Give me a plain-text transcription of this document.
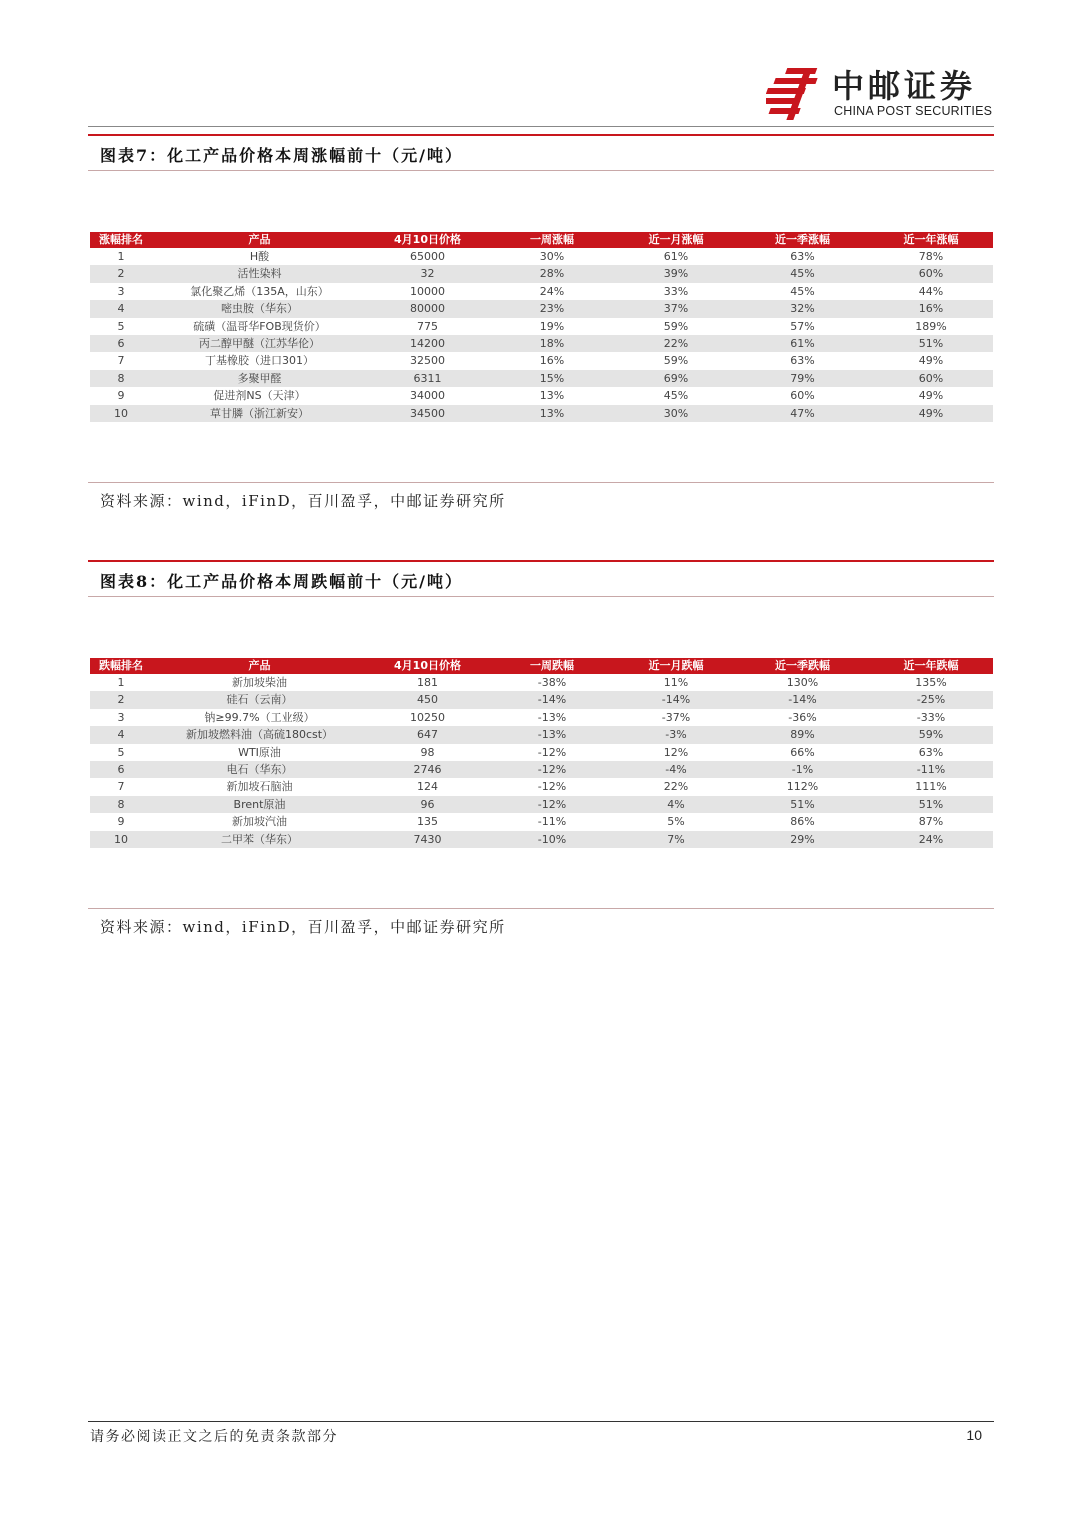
中邮证券
CHINA POST SECURITIES
图表7：化工产品价格本周涨幅前十（元/吨）
涨幅排名	产品	4月10日价格	一周涨幅	近一月涨幅	近一季涨幅	近一年涨幅
1	H酸	65000	30%	61%	63%	78%
2	活性染料	32	28%	39%	45%	60%
3	氯化聚乙烯（135A，山东）	10000	24%	33%	45%	44%
4	嘧虫胺（华东）	80000	23%	37%	32%	16%
5	硫磺（温哥华FOB现货价）	775	19%	59%	57%	189%
6	丙二醇甲醚（江苏华伦）	14200	18%	22%	61%	51%
7	丁基橡胶（进口301）	32500	16%	59%	63%	49%
8	多聚甲醛	6311	15%	69%	79%	60%
9	促进剂NS（天津）	34000	13%	45%	60%	49%
10	草甘膦（浙江新安）	34500	13%	30%	47%	49%
资料来源：wind，iFinD，百川盈孚，中邮证券研究所
图表8：化工产品价格本周跌幅前十（元/吨）
跌幅排名	产品	4月10日价格	一周跌幅	近一月跌幅	近一季跌幅	近一年跌幅
1	新加坡柴油	181	-38%	11%	130%	135%
2	硅石（云南）	450	-14%	-14%	-14%	-25%
3	钠≥99.7%（工业级）	10250	-13%	-37%	-36%	-33%
4	新加坡燃料油（高硫180cst）	647	-13%	-3%	89%	59%
5	WTI原油	98	-12%	12%	66%	63%
6	电石（华东）	2746	-12%	-4%	-1%	-11%
7	新加坡石脑油	124	-12%	22%	112%	111%
8	Brent原油	96	-12%	4%	51%	51%
9	新加坡汽油	135	-11%	5%	86%	87%
10	二甲苯（华东）	7430	-10%	7%	29%	24%
资料来源：wind，iFinD，百川盈孚，中邮证券研究所
请务必阅读正文之后的免责条款部分	10
